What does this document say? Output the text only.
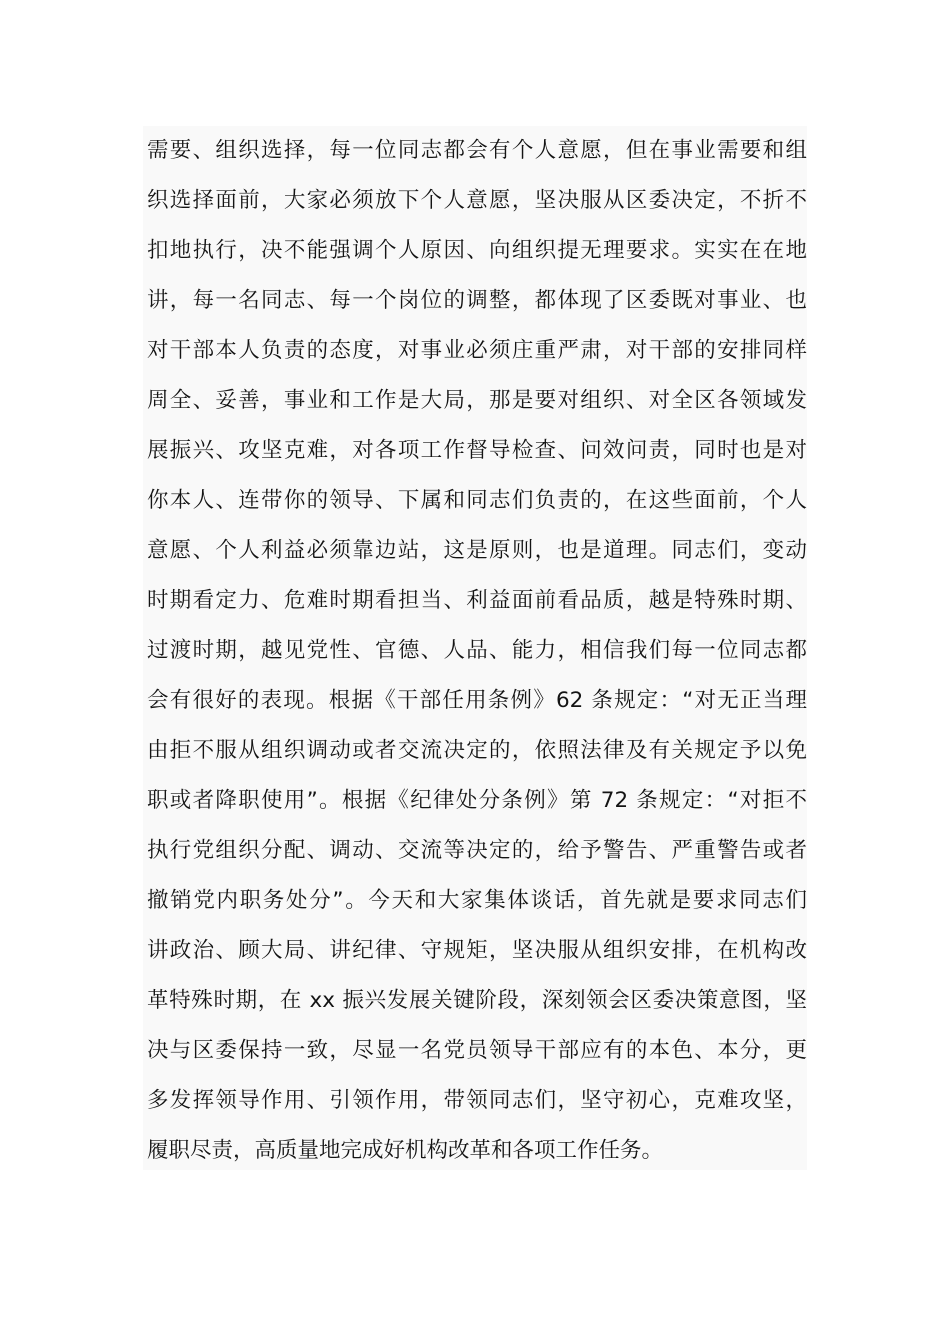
需要、组织选择，每一位同志都会有个人意愿，但在事业需要和组
织选择面前，大家必须放下个人意愿，坚决服从区委决定，不折不
扣地执行，决不能强调个人原因、向组织提无理要求。实实在在地
讲，每一名同志、每一个岗位的调整，都体现了区委既对事业、也
对干部本人负责的态度，对事业必须庄重严肃，对干部的安排同样
周全、妥善，事业和工作是大局，那是要对组织、对全区各领域发
展振兴、攻坚克难，对各项工作督导检查、问效问责，同时也是对
你本人、连带你的领导、下属和同志们负责的，在这些面前，个人
意愿、个人利益必须靠边站，这是原则，也是道理。同志们，变动
时期看定力、危难时期看担当、利益面前看品质，越是特殊时期、
过渡时期，越见党性、官德、人品、能力，相信我们每一位同志都
会有很好的表现。根据《干部任用条例》62 条规定：“对无正当理
由拒不服从组织调动或者交流决定的，依照法律及有关规定予以免
职或者降职使用”。根据《纪律处分条例》第 72 条规定：“对拒不
执行党组织分配、调动、交流等决定的，给予警告、严重警告或者
撤销党内职务处分”。今天和大家集体谈话，首先就是要求同志们
讲政治、顾大局、讲纪律、守规矩，坚决服从组织安排，在机构改
革特殊时期，在 xx 振兴发展关键阶段，深刻领会区委决策意图，坚
决与区委保持一致，尽显一名党员领导干部应有的本色、本分，更
多发挥领导作用、引领作用，带领同志们，坚守初心，克难攻坚，
履职尽责，高质量地完成好机构改革和各项工作任务。
